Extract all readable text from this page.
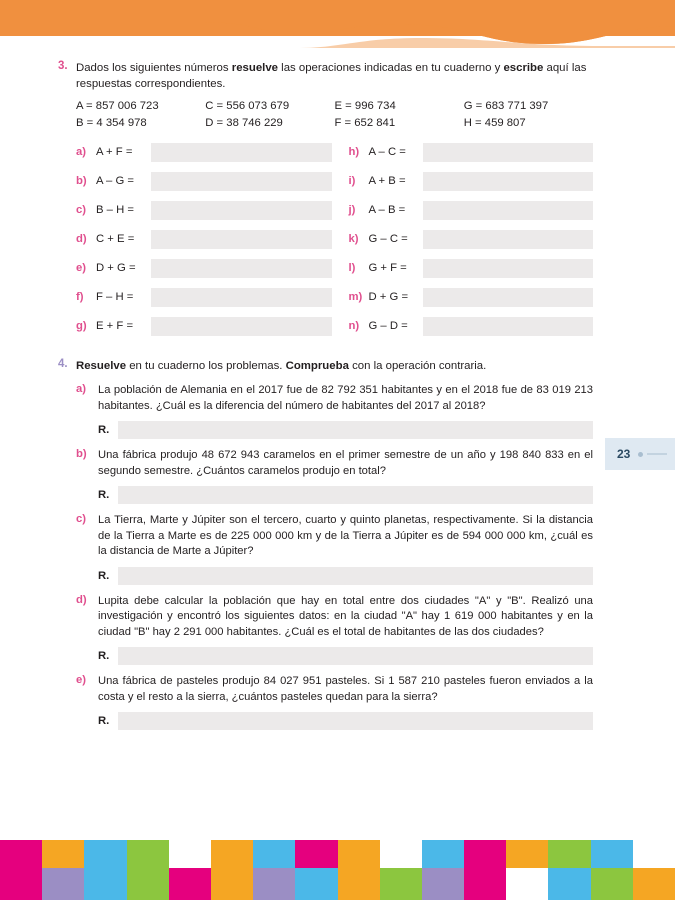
23
3. Dados los siguientes números resuelve las operaciones indicadas en tu cuaderno y escribe aquí las respuestas correspondientes.
A = 857 006 723	C = 556 073 679	E = 996 734	G = 683 771 397
B = 4 354 978	D = 38 746 229	F = 652 841	H = 459 807
a) A + F =
b) A – G =
c) B – H =
d) C + E =
e) D + G =
f)	F – H =
g) E + F =
h) A – C =
i)	A + B =
j)	A – B =
k) G – C =
l)	G + F =
m) D + G =
n) G – D =
4. Resuelve en tu cuaderno los problemas. Comprueba con la operación contraria.
a) La población de Alemania en el 2017 fue de 82 792 351 habitantes y en el 2018 fue de 83 019 213 habitantes. ¿Cuál es la diferencia del número de habitantes del 2017 al 2018?
R.
b) Una fábrica produjo 48 672 943 caramelos en el primer semestre de un año y 198 840 833 en el segundo semestre. ¿Cuántos caramelos produjo en total?
R.
c) La Tierra, Marte y Júpiter son el tercero, cuarto y quinto planetas, respectivamente. Si la distancia de la Tierra a Marte es de 225 000 000 km y de la Tierra a Júpiter es de 594 000 000 km, ¿cuál es la distancia de Marte a Júpiter?
R.
d) Lupita debe calcular la población que hay en total entre dos ciudades "A" y "B". Realizó una investigación y encontró los siguientes datos: en la ciudad "A" hay 1 619 000 habitantes y en la ciudad "B" hay 2 291 000 habitantes. ¿Cuál es el total de habitantes de las dos ciudades?
R.
e) Una fábrica de pasteles produjo 84 027 951 pasteles. Si 1 587 210 pasteles fueron enviados a la costa y el resto a la sierra, ¿cuántos pasteles quedan para la sierra?
R.
